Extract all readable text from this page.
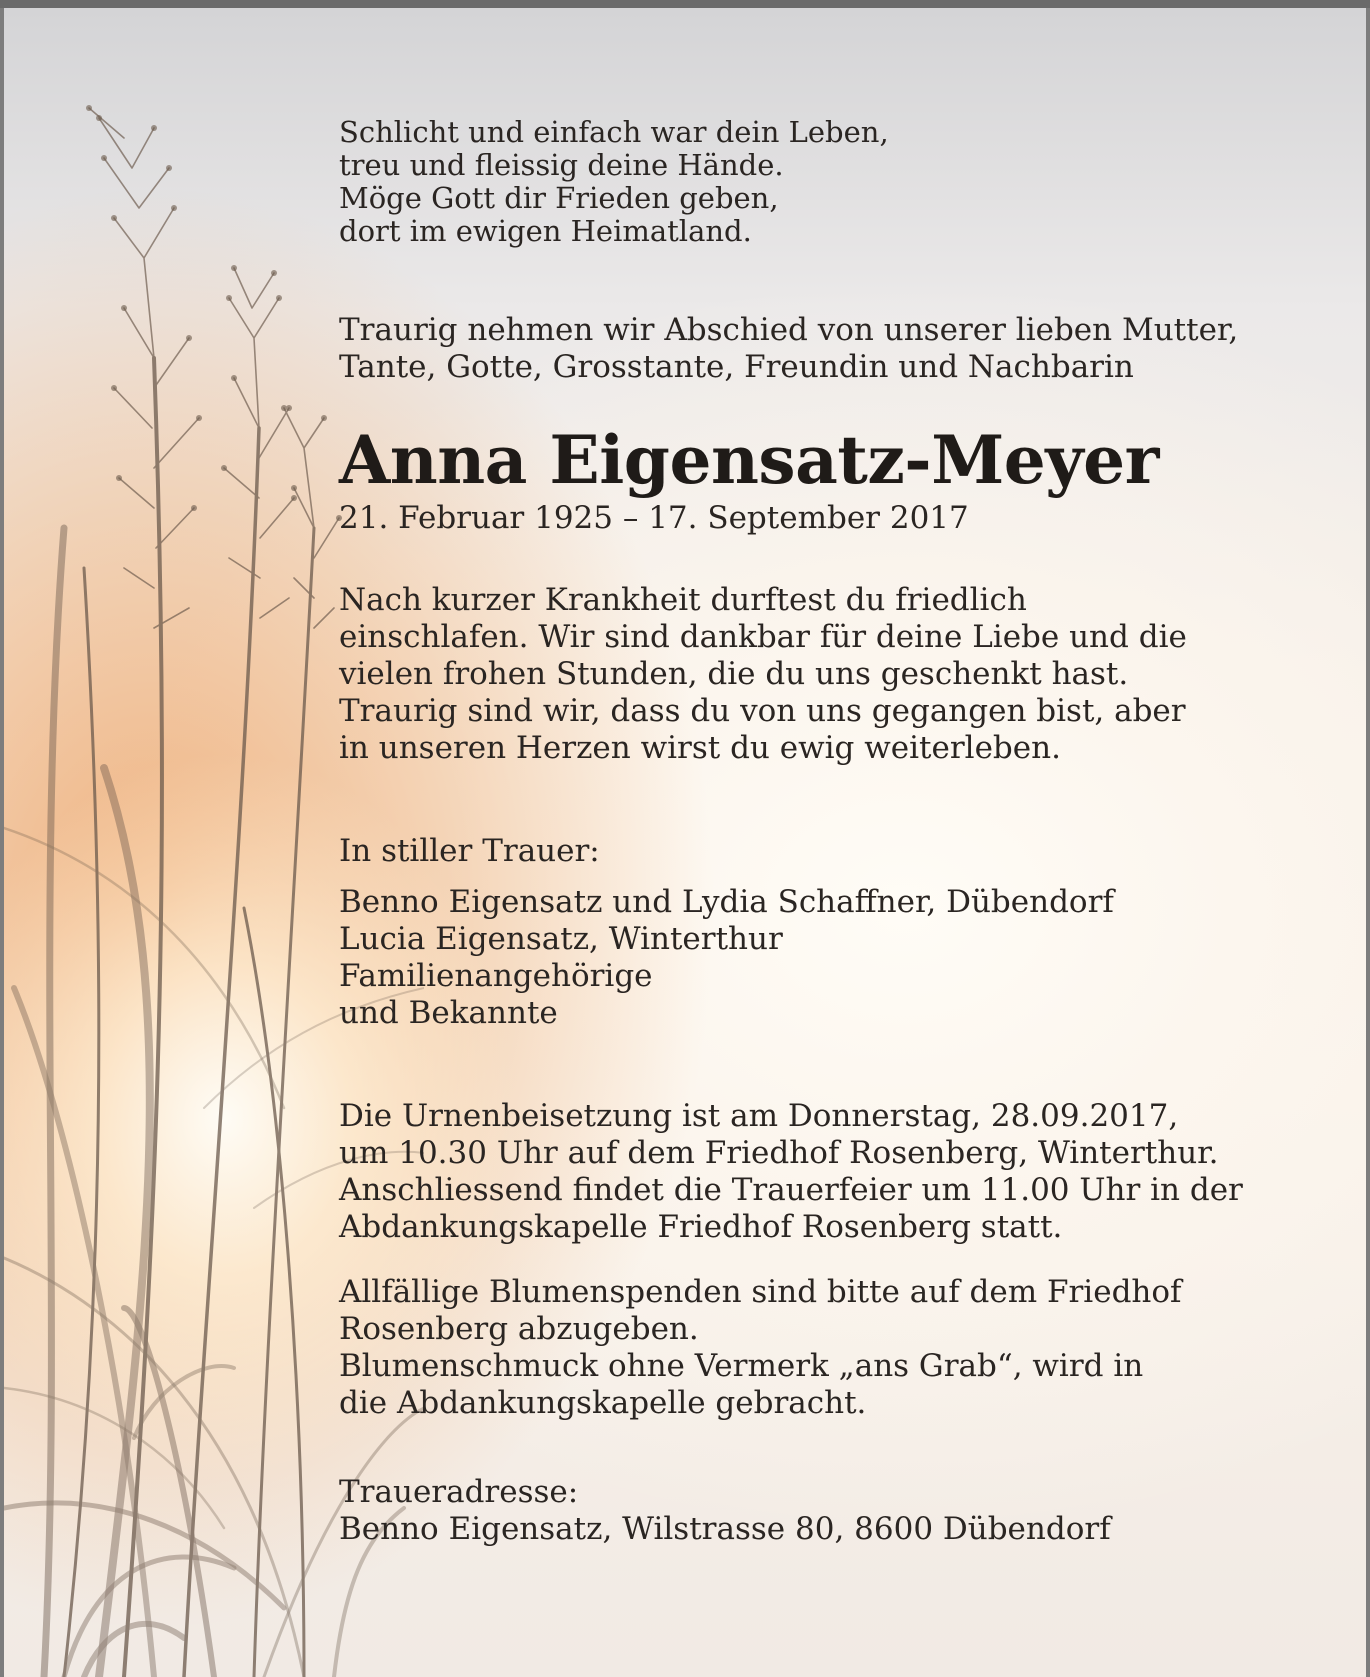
Schlicht und einfach war dein Leben,
treu und fleissig deine Hände.
Möge Gott dir Frieden geben,
dort im ewigen Heimatland.
Traurig nehmen wir Abschied von unserer lieben Mutter,
Tante, Gotte, Grosstante, Freundin und Nachbarin
Anna Eigensatz-Meyer
21. Februar 1925 – 17. September 2017
Nach kurzer Krankheit durftest du friedlich
einschlafen. Wir sind dankbar für deine Liebe und die
vielen frohen Stunden, die du uns geschenkt hast.
Traurig sind wir, dass du von uns gegangen bist, aber
in unseren Herzen wirst du ewig weiterleben.
In stiller Trauer:
Benno Eigensatz und Lydia Schaffner, Dübendorf
Lucia Eigensatz, Winterthur
Familienangehörige
und Bekannte
Die Urnenbeisetzung ist am Donnerstag, 28.09.2017,
um 10.30 Uhr auf dem Friedhof Rosenberg, Winterthur.
Anschliessend findet die Trauerfeier um 11.00 Uhr in der
Abdankungskapelle Friedhof Rosenberg statt.
Allfällige Blumenspenden sind bitte auf dem Friedhof
Rosenberg abzugeben.
Blumenschmuck ohne Vermerk „ans Grab“, wird in
die Abdankungskapelle gebracht.
Traueradresse:
Benno Eigensatz, Wilstrasse 80, 8600 Dübendorf
